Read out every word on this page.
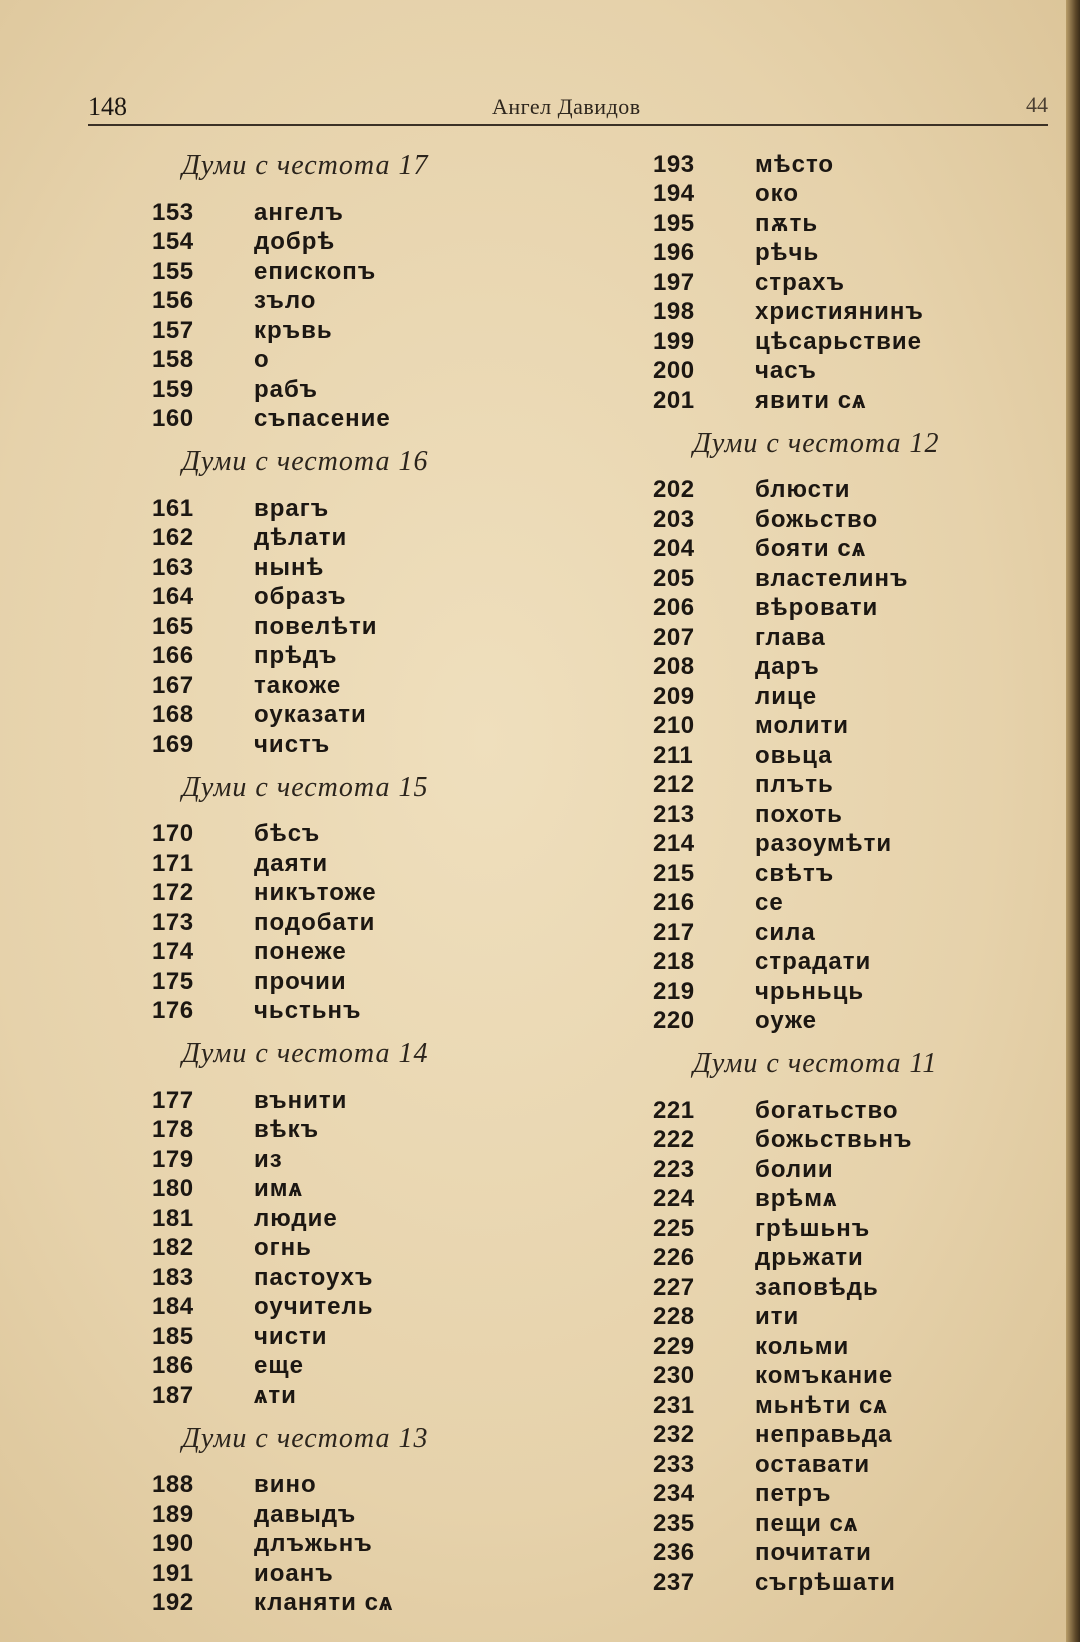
148	Ангел Давидов	44
Думи с честота 17
153	ангелъ
154	добрѣ
155	епископъ
156	зъло
157	кръвь
158	о
159	рабъ
160	съпасение
Думи с честота 16
161	врагъ
162	дѣлати
163	нынѣ
164	образъ
165	повелѣти
166	прѣдъ
167	такоже
168	оуказати
169	чистъ
Думи с честота 15
170	бѣсъ
171	даяти
172	никътоже
173	подобати
174	понеже
175	прочии
176	чьстьнъ
Думи с честота 14
177	вънити
178	вѣкъ
179	из
180	имѧ
181	людие
182	огнь
183	пастоухъ
184	оучитель
185	чисти
186	еще
187	ѧти
Думи с честота 13
188	вино
189	давыдъ
190	длъжьнъ
191	иоанъ
192	кланяти сѧ
193	мѣсто
194	око
195	пѫть
196	рѣчь
197	страхъ
198	християнинъ
199	цѣсарьствие
200	часъ
201	явити сѧ
Думи с честота 12
202	блюсти
203	божьство
204	бояти сѧ
205	властелинъ
206	вѣровати
207	глава
208	даръ
209	лице
210	молити
211	овьца
212	плъть
213	похоть
214	разоумѣти
215	свѣтъ
216	се
217	сила
218	страдати
219	чрьньць
220	оуже
Думи с честота 11
221	богатьство
222	божьствьнъ
223	болии
224	врѣмѧ
225	грѣшьнъ
226	дрьжати
227	заповѣдь
228	ити
229	кольми
230	комъкание
231	мьнѣти сѧ
232	неправьда
233	оставати
234	петръ
235	пещи сѧ
236	почитати
237	съгрѣшати
